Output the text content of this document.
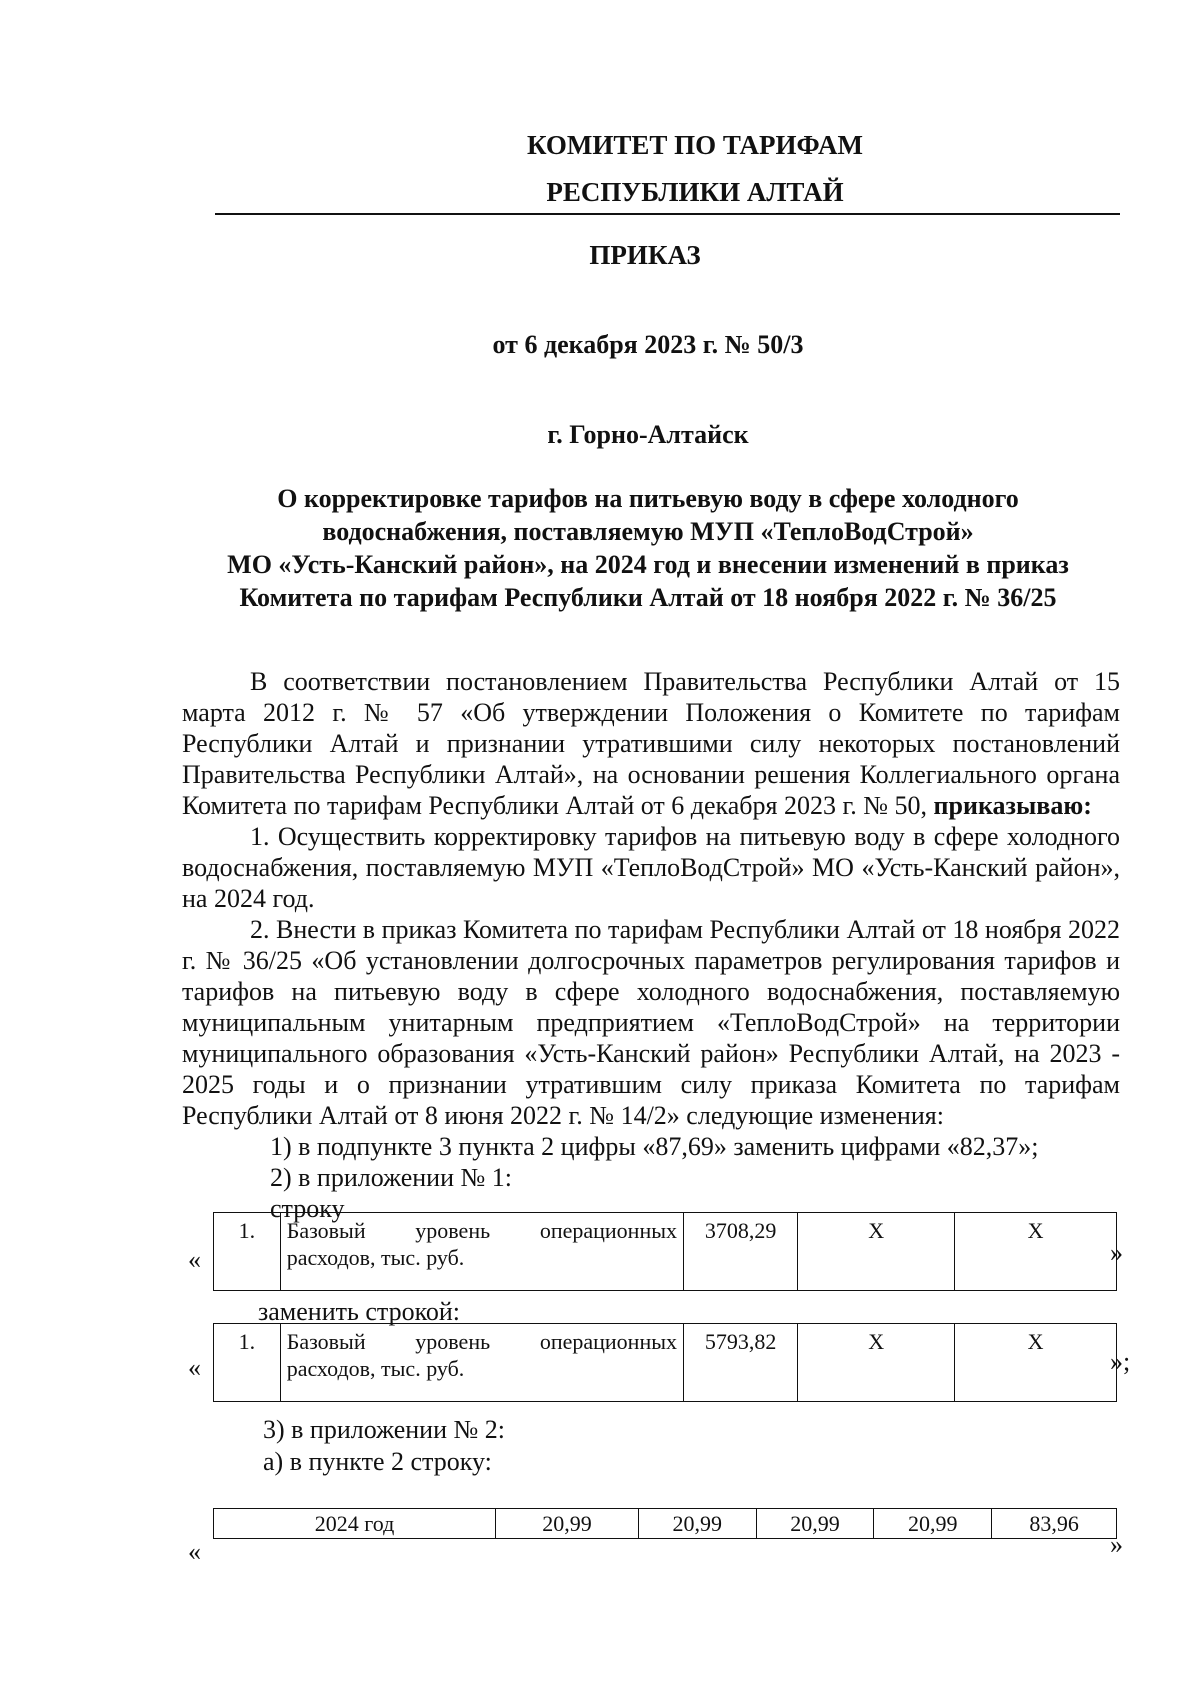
КОМИТЕТ ПО ТАРИФАМ
РЕСПУБЛИКИ АЛТАЙ
ПРИКАЗ
от 6 декабря 2023 г. № 50/3
г. Горно-Алтайск
О корректировке тарифов на питьевую воду в сфере холодного
водоснабжения, поставляемую МУП «ТеплоВодСтрой»
МО «Усть-Канский район», на 2024 год и внесении изменений в приказ
Комитета по тарифам Республики Алтай от 18 ноября 2022 г. № 36/25

В соответствии постановлением Правительства Республики Алтай от 15 марта 2012 г. № 57 «Об утверждении Положения о Комитете по тарифам Республики Алтай и признании утратившими силу некоторых постановлений Правительства Республики Алтай», на основании решения Коллегиального органа Комитета по тарифам Республики Алтай от 6 декабря 2023 г. № 50, приказываю:

1. Осуществить корректировку тарифов на питьевую воду в сфере холодного водоснабжения, поставляемую МУП «ТеплоВодСтрой» МО «Усть-Канский район», на 2024 год.

2. Внести в приказ Комитета по тарифам Республики Алтай от 18 ноября 2022 г. № 36/25 «Об установлении долгосрочных параметров регулирования тарифов и тарифов на питьевую воду в сфере холодного водоснабжения, поставляемую муниципальным унитарным предприятием «ТеплоВодСтрой» на территории муниципального образования «Усть-Канский район» Республики Алтай, на 2023 - 2025 годы и о признании утратившим силу приказа Комитета по тарифам Республики Алтай от 8 июня 2022 г. № 14/2» следующие изменения:

1) в подпункте 3 пункта 2 цифры «87,69» заменить цифрами «82,37»;

2) в приложении № 1:

строку

«
1.	Базовый уровень операционных расходов, тыс. руб.	3708,29	X	X
»
заменить строкой:
«
1.	Базовый уровень операционных расходов, тыс. руб.	5793,82	X	X
»;
3) в приложении № 2:
а) в пункте 2 строку:
«
2024 год	20,99	20,99	20,99	20,99	83,96
»
